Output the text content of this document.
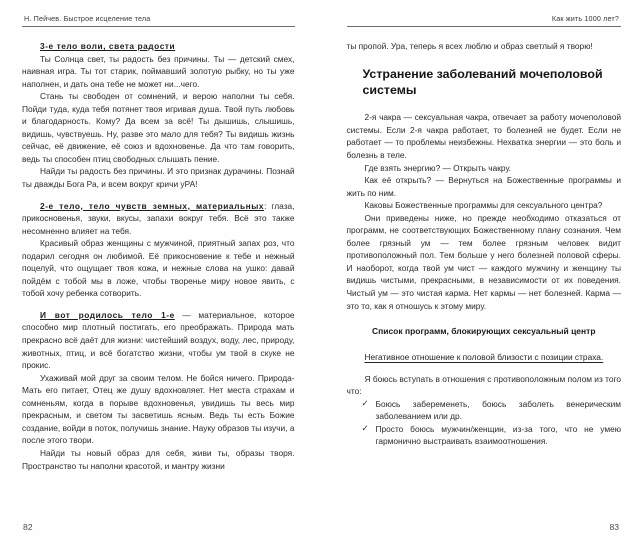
Н. Пейчев. Быстрое исцеление тела

3-е тело воли, света радости

Ты Солнца свет, ты радость без причины. Ты — детский смех, наивная игра. Ты тот старик, поймавший золотую рыбку, но ты уже наполнен, и дать она тебе не может ни...чего.

Стань ты свободен от сомнений, и верою наполни ты себя. Пойди туда, куда тебя потянет твоя игривая душа. Твой путь любовь и благодарность. Кому? Да всем за всё! Ты дышишь, слышишь, видишь, чувствуешь. Ну, разве это мало для тебя? Ты видишь жизнь сейчас, её движение, её союз и вдохновенье. Да что там говорить, ведь ты способен птиц свободных слышать пение.

Найди ты радость без причины. И это признак дурачины. Познай ты дважды Бога Ра, и всем вокруг кричи уРА!

2-е тело, тело чувств земных, материальных: глаза, прикосновенья, звуки, вкусы, запахи вокруг тебя. Всё это также несомненно влияет на тебя.

Красивый образ женщины с мужчиной, приятный запах роз, что подарил сегодня он любимой. Её прикосновение к тебе и нежный поцелуй, что ощущает твоя кожа, и нежные слова на ушко: давай пойдём с тобой мы в ложе, чтобы творенье миру новое явить, с тобой хочу ребенка сотворить.

И вот родилось тело 1-е — материальное, которое способно мир плотный постигать, его преображать. Природа мать прекрасно всё даёт для жизни: чистейший воздух, воду, лес, природу, животных, птиц, и всё богатство жизни, чтобы ум твой в скуке не прокис.

Ухаживай мой друг за своим телом. Не бойся ничего. Природа-Мать его питает, Отец же душу вдохновляет. Нет места страхам и сомненьям, когда в порыве вдохновенья, увидишь ты весь мир прекрасным, и светом ты засветишь ясным. Ведь ты есть Божие создание, войди в поток, получишь знание. Науку образов ты изучи, а после этого твори.

Найди ты новый образ для себя, живи ты, образы творя. Пространство ты наполни красотой, и мантру жизни

82
Как жить 1000 лет?

ты пропой. Ура, теперь я всех люблю и образ светлый я творю!

Устранение заболеваний мочеполовой системы

2-я чакра — сексуальная чакра, отвечает за работу мочеполовой системы. Если 2-я чакра работает, то болезней не будет. Если не работает — то проблемы неизбежны. Нехватка энергии — это боль и болезнь в теле.

Где взять энергию? — Открыть чакру.

Как её открыть? — Вернуться на Божественные программы и жить по ним.

Каковы Божественные программы для сексуального центра?

Они приведены ниже, но прежде необходимо отказаться от программ, не соответствующих Божественному плану сознания. Чем более грязный ум — тем более грязным человек видит противоположный пол. Тем больше у него болезней половой сферы. И наоборот, когда твой ум чист — каждого мужчину и женщину ты видишь чистыми, прекрасными, в независимости от их поведения. Чистый ум — это чистая карма. Нет кармы — нет болезней. Карма — это то, как я отношусь к этому миру.

Список программ, блокирующих сексуальный центр

Негативное отношение к половой близости с позиции страха.

Я боюсь вступать в отношения с противоположным полом из того что:

✓ Боюсь забеременеть, боюсь заболеть венерическим заболеванием или др.
✓ Просто боюсь мужчин/женщин, из-за того, что не умею гармонично выстраивать взаимоотношения.
83
